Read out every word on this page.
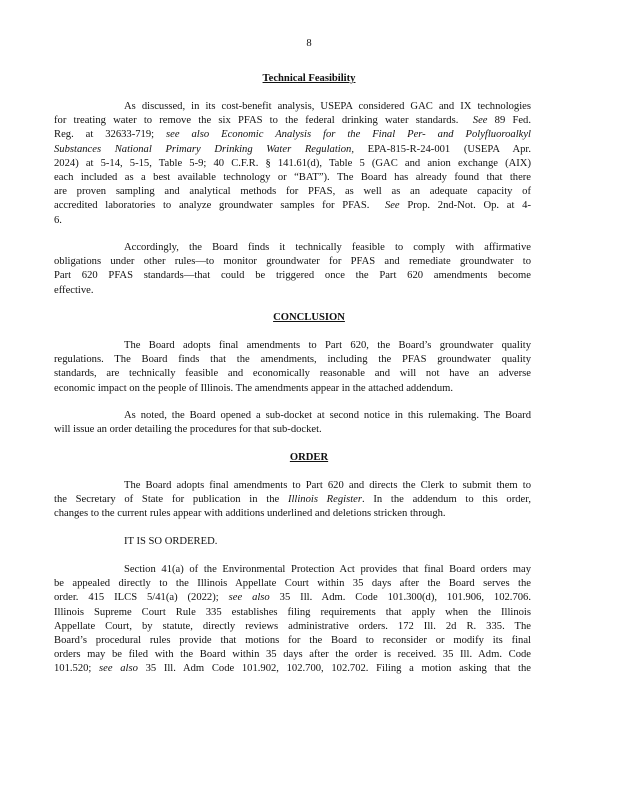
8
Technical Feasibility
As discussed, in its cost-benefit analysis, USEPA considered GAC and IX technologies
for treating water to remove the six PFAS to the federal drinking water standards. See 89 Fed.
Reg. at 32633-719; see also Economic Analysis for the Final Per- and Polyfluoroalkyl
Substances National Primary Drinking Water Regulation, EPA-815-R-24-001 (USEPA Apr.
2024) at 5-14, 5-15, Table 5-9; 40 C.F.R. § 141.61(d), Table 5 (GAC and anion exchange (AIX)
each included as a best available technology or “BAT”). The Board has already found that there
are proven sampling and analytical methods for PFAS, as well as an adequate capacity of
accredited laboratories to analyze groundwater samples for PFAS. See Prop. 2nd-Not. Op. at 4-
6.
Accordingly, the Board finds it technically feasible to comply with affirmative
obligations under other rules—to monitor groundwater for PFAS and remediate groundwater to
Part 620 PFAS standards—that could be triggered once the Part 620 amendments become
effective.
CONCLUSION
The Board adopts final amendments to Part 620, the Board’s groundwater quality
regulations. The Board finds that the amendments, including the PFAS groundwater quality
standards, are technically feasible and economically reasonable and will not have an adverse
economic impact on the people of Illinois. The amendments appear in the attached addendum.
As noted, the Board opened a sub-docket at second notice in this rulemaking. The Board
will issue an order detailing the procedures for that sub-docket.
ORDER
The Board adopts final amendments to Part 620 and directs the Clerk to submit them to
the Secretary of State for publication in the Illinois Register. In the addendum to this order,
changes to the current rules appear with additions underlined and deletions stricken through.
IT IS SO ORDERED.
Section 41(a) of the Environmental Protection Act provides that final Board orders may
be appealed directly to the Illinois Appellate Court within 35 days after the Board serves the
order. 415 ILCS 5/41(a) (2022); see also 35 Ill. Adm. Code 101.300(d), 101.906, 102.706.
Illinois Supreme Court Rule 335 establishes filing requirements that apply when the Illinois
Appellate Court, by statute, directly reviews administrative orders. 172 Ill. 2d R. 335. The
Board’s procedural rules provide that motions for the Board to reconsider or modify its final
orders may be filed with the Board within 35 days after the order is received. 35 Ill. Adm. Code
101.520; see also 35 Ill. Adm Code 101.902, 102.700, 102.702. Filing a motion asking that the
